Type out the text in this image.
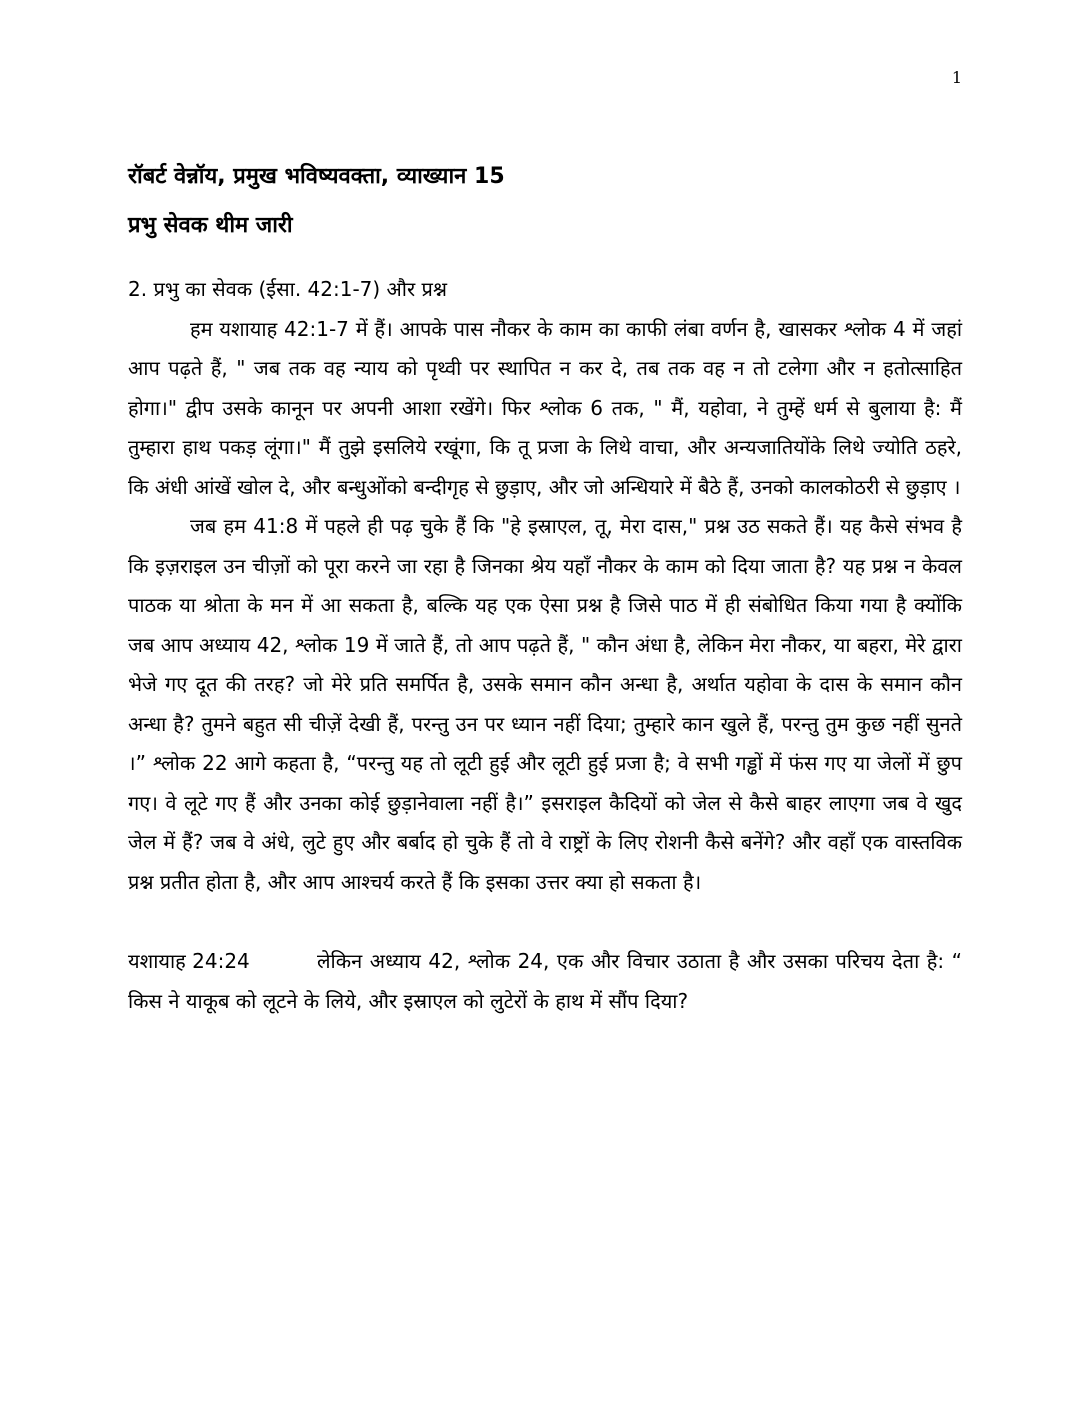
1
रॉबर्ट वेन्नॉय, प्रमुख भविष्यवक्ता, व्याख्यान 15
प्रभु सेवक थीम जारी

2. प्रभु का सेवक (ईसा. 42:1-7) और प्रश्न

हम यशायाह 42:1-7 में हैं। आपके पास नौकर के काम का काफी लंबा वर्णन है, खासकर श्लोक 4 में जहां आप पढ़ते हैं, " जब तक वह न्याय को पृथ्वी पर स्थापित न कर दे, तब तक वह न तो टलेगा और न हतोत्साहित होगा।" द्वीप उसके कानून पर अपनी आशा रखेंगे। फिर श्लोक 6 तक, " मैं, यहोवा, ने तुम्हें धर्म से बुलाया है: मैं तुम्हारा हाथ पकड़ लूंगा।" मैं तुझे इसलिये रखूंगा, कि तू प्रजा के लिथे वाचा, और अन्यजातियोंके लिथे ज्योति ठहरे, कि अंधी आंखें खोल दे, और बन्धुओंको बन्दीगृह से छुड़ाए, और जो अन्धियारे में बैठे हैं, उनको कालकोठरी से छुड़ाए ।

जब हम 41:8 में पहले ही पढ़ चुके हैं कि "हे इस्राएल, तू, मेरा दास," प्रश्न उठ सकते हैं। यह कैसे संभव है कि इज़राइल उन चीज़ों को पूरा करने जा रहा है जिनका श्रेय यहाँ नौकर के काम को दिया जाता है? यह प्रश्न न केवल पाठक या श्रोता के मन में आ सकता है, बल्कि यह एक ऐसा प्रश्न है जिसे पाठ में ही संबोधित किया गया है क्योंकि जब आप अध्याय 42, श्लोक 19 में जाते हैं, तो आप पढ़ते हैं, " कौन अंधा है, लेकिन मेरा नौकर, या बहरा, मेरे द्वारा भेजे गए दूत की तरह? जो मेरे प्रति समर्पित है, उसके समान कौन अन्धा है, अर्थात यहोवा के दास के समान कौन अन्धा है? तुमने बहुत सी चीज़ें देखी हैं, परन्तु उन पर ध्यान नहीं दिया; तुम्हारे कान खुले हैं, परन्तु तुम कुछ नहीं सुनते ।” श्लोक 22 आगे कहता है, “परन्तु यह तो लूटी हुई और लूटी हुई प्रजा है; वे सभी गड्ढों में फंस गए या जेलों में छुप गए। वे लूटे गए हैं और उनका कोई छुड़ानेवाला नहीं है।” इसराइल कैदियों को जेल से कैसे बाहर लाएगा जब वे खुद जेल में हैं? जब वे अंधे, लुटे हुए और बर्बाद हो चुके हैं तो वे राष्ट्रों के लिए रोशनी कैसे बनेंगे? और वहाँ एक वास्तविक प्रश्न प्रतीत होता है, और आप आश्चर्य करते हैं कि इसका उत्तर क्या हो सकता है।

यशायाह 24:24	लेकिन अध्याय 42, श्लोक 24, एक और विचार उठाता है और उसका परिचय देता है: “ किस ने याकूब को लूटने के लिये, और इस्राएल को लुटेरों के हाथ में सौंप दिया?
